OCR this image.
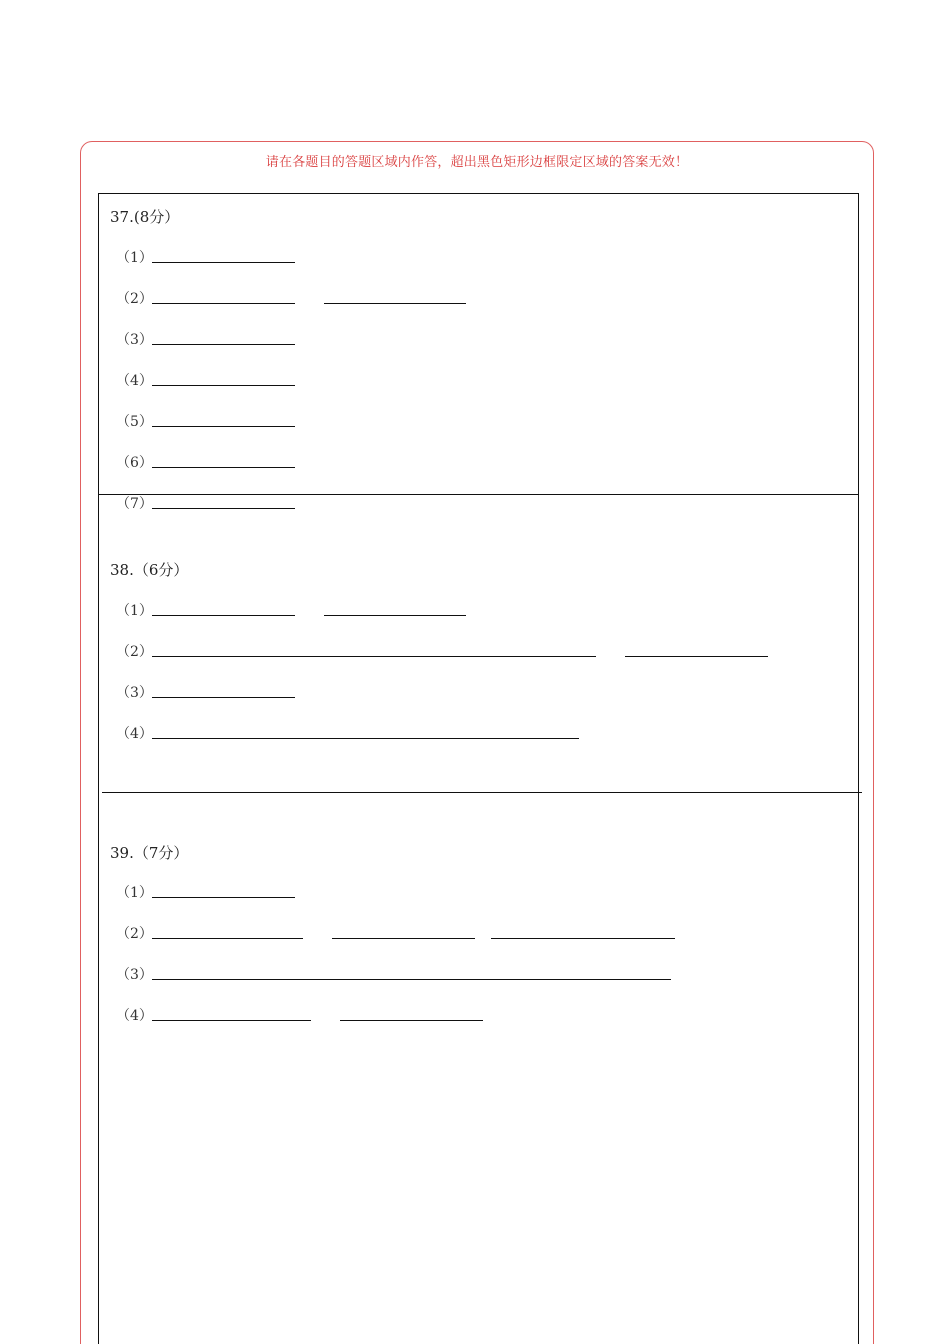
请在各题目的答题区域内作答，超出黑色矩形边框限定区域的答案无效！
37.(8分）
（1）
（2）
（3）
（4）
（5）
（6）
（7）
38.（6分）
（1）
（2）
（3）
（4）
39.（7分）
（1）
（2）
（3）
（4）
